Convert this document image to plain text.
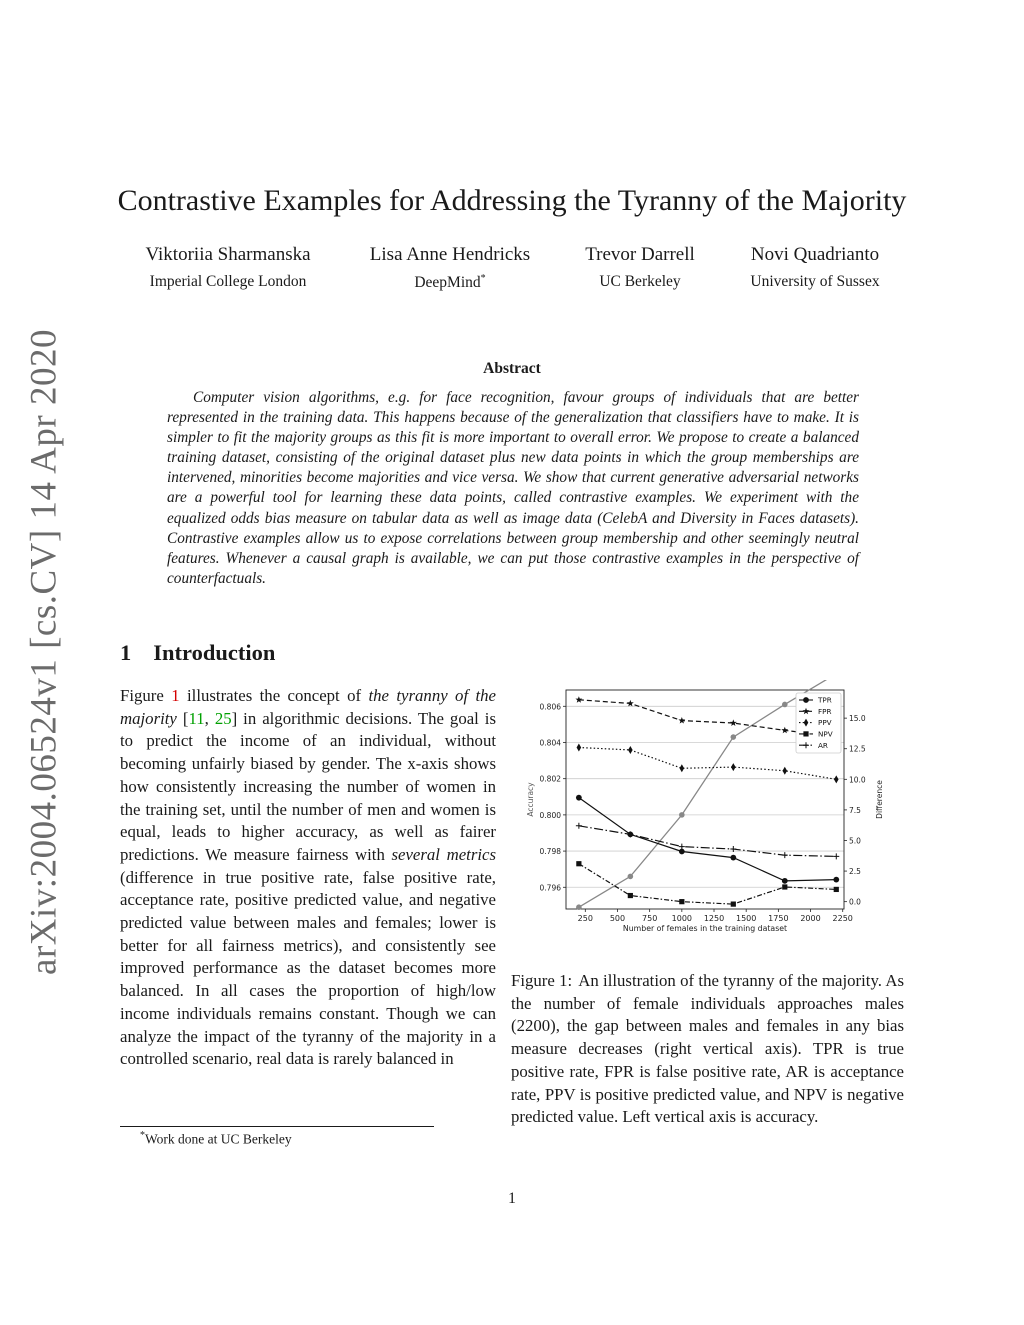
arXiv:2004.06524v1 [cs.CV] 14 Apr 2020
Contrastive Examples for Addressing the Tyranny of the Majority
Viktoriia Sharmanska
Imperial College London
Lisa Anne Hendricks
DeepMind*
Trevor Darrell
UC Berkeley
Novi Quadrianto
University of Sussex
Abstract
Computer vision algorithms, e.g. for face recognition, favour groups of individuals that are better represented in the training data. This happens because of the generalization that classifiers have to make. It is simpler to fit the majority groups as this fit is more important to overall error. We propose to create a balanced training dataset, consisting of the original dataset plus new data points in which the group memberships are intervened, minorities become majorities and vice versa. We show that current generative adversarial networks are a powerful tool for learning these data points, called contrastive examples. We experiment with the equalized odds bias measure on tabular data as well as image data (CelebA and Diversity in Faces datasets). Contrastive examples allow us to expose correlations between group membership and other seemingly neutral features. Whenever a causal graph is available, we can put those contrastive examples in the perspective of counterfactuals.
1 Introduction
Figure 1 illustrates the concept of the tyranny of the majority [11, 25] in algorithmic decisions. The goal is to predict the income of an individual, without becoming unfairly biased by gender. The x-axis shows how consistently increasing the number of women in the training set, until the number of men and women is equal, leads to higher accuracy, as well as fairer predictions. We measure fairness with several metrics (difference in true positive rate, false positive rate, acceptance rate, positive predicted value, and negative predicted value between males and females; lower is better for all fairness metrics), and consistently see improved performance as the dataset becomes more balanced. In all cases the proportion of high/low income individuals remains constant. Though we can analyze the impact of the tyranny of the majority in a controlled scenario, real data is rarely balanced in
*Work done at UC Berkeley
250 500 750 1000 1250 1500 1750 2000 2250
0.796
0.798
0.800
0.802
0.804
0.806
0.0
2.5
5.0
7.5
10.0
12.5
15.0
Number of females in the training dataset
Accuracy	Difference
TPR
FPR
PPV
NPV
AR
Figure 1: An illustration of the tyranny of the majority. As the number of female individuals approaches males (2200), the gap between males and females in any bias measure decreases (right vertical axis). TPR is true positive rate, FPR is false positive rate, AR is acceptance rate, PPV is positive predicted value, and NPV is negative predicted value. Left vertical axis is accuracy.
1
